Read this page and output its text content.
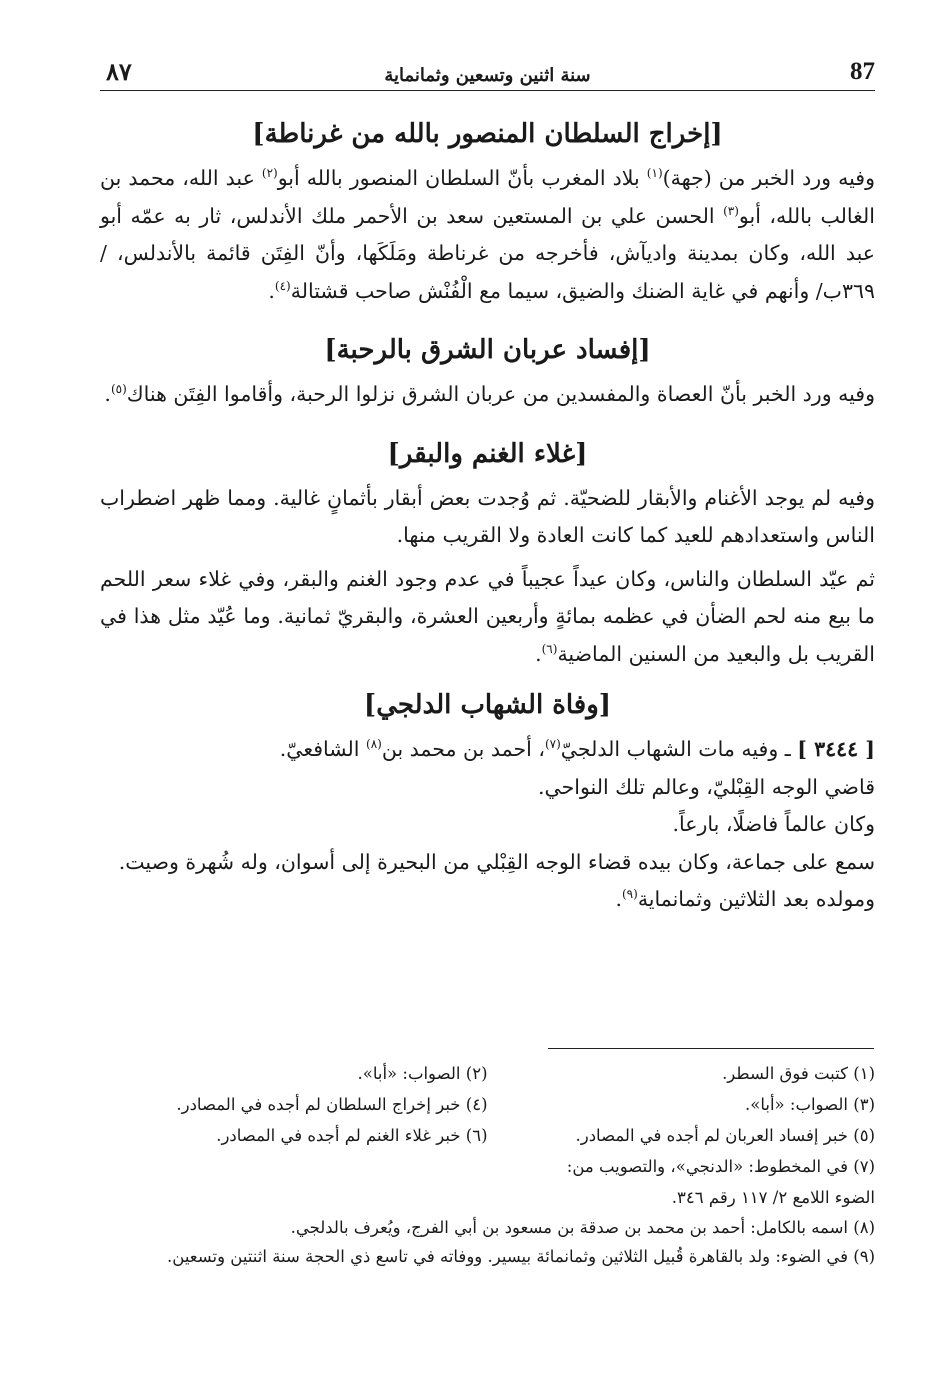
٨٧	سنة اثنين وتسعين وثمانماية	87
[إخراج السلطان المنصور بالله من غرناطة]

وفيه ورد الخبر من (جهة)$^{(١)}$ بلاد المغرب بأنّ السلطان المنصور بالله أبو$^{(٢)}$ عبد الله، محمد بن الغالب بالله، أبو$^{(٣)}$ الحسن علي بن المستعين سعد بن الأحمر ملك الأندلس، ثار به عمّه أبو عبد الله، وكان بمدينة واديآش، فأخرجه من غرناطة ومَلَكَها، وأنّ الفِتَن قائمة بالأندلس، / ٣٦٩ب/ وأنهم في غاية الضنك والضيق، سيما مع الْفُنْش صاحب قشتالة$^{(٤)}$.

[إفساد عربان الشرق بالرحبة]

وفيه ورد الخبر بأنّ العصاة والمفسدين من عربان الشرق نزلوا الرحبة، وأقاموا الفِتَن هناك$^{(٥)}$.

[غلاء الغنم والبقر]

وفيه لم يوجد الأغنام والأبقار للضحيّة. ثم وُجدت بعض أبقار بأثمانٍ غالية. ومما ظهر اضطراب الناس واستعدادهم للعيد كما كانت العادة ولا القريب منها.

ثم عيّد السلطان والناس، وكان عيداً عجيباً في عدم وجود الغنم والبقر، وفي غلاء سعر اللحم ما بيع منه لحم الضأن في عظمه بمائةٍ وأربعين العشرة، والبقريّ ثمانية. وما عُيّد مثل هذا في القريب بل والبعيد من السنين الماضية$^{(٦)}$.

[وفاة الشهاب الدلجي]

[ ٣٤٤٤ ] ـ وفيه مات الشهاب الدلجيّ$^{(٧)}$، أحمد بن محمد بن$^{(٨)}$ الشافعيّ.

قاضي الوجه القِبْليّ، وعالم تلك النواحي.

وكان عالماً فاضلًا، بارعاً.

سمع على جماعة، وكان بيده قضاء الوجه القِبْلي من البحيرة إلى أسوان، وله شُهرة وصيت.

ومولده بعد الثلاثين وثمانماية$^{(٩)}$.

(١) كتبت فوق السطر.

(٢) الصواب: «أبا».

(٣) الصواب: «أبا».

(٤) خبر إخراج السلطان لم أجده في المصادر.

(٥) خبر إفساد العربان لم أجده في المصادر.

(٦) خبر غلاء الغنم لم أجده في المصادر.

(٧) في المخطوط: «الدنجي»، والتصويب من:

الضوء اللامع ٢/ ١١٧ رقم ٣٤٦.

(٨) اسمه بالكامل: أحمد بن محمد بن صدقة بن مسعود بن أبي الفرج، ويُعرف بالدلجي.

(٩) في الضوء: ولد بالقاهرة قُبيل الثلاثين وثمانمائة بيسير. ووفاته في تاسع ذي الحجة سنة اثنتين وتسعين.
